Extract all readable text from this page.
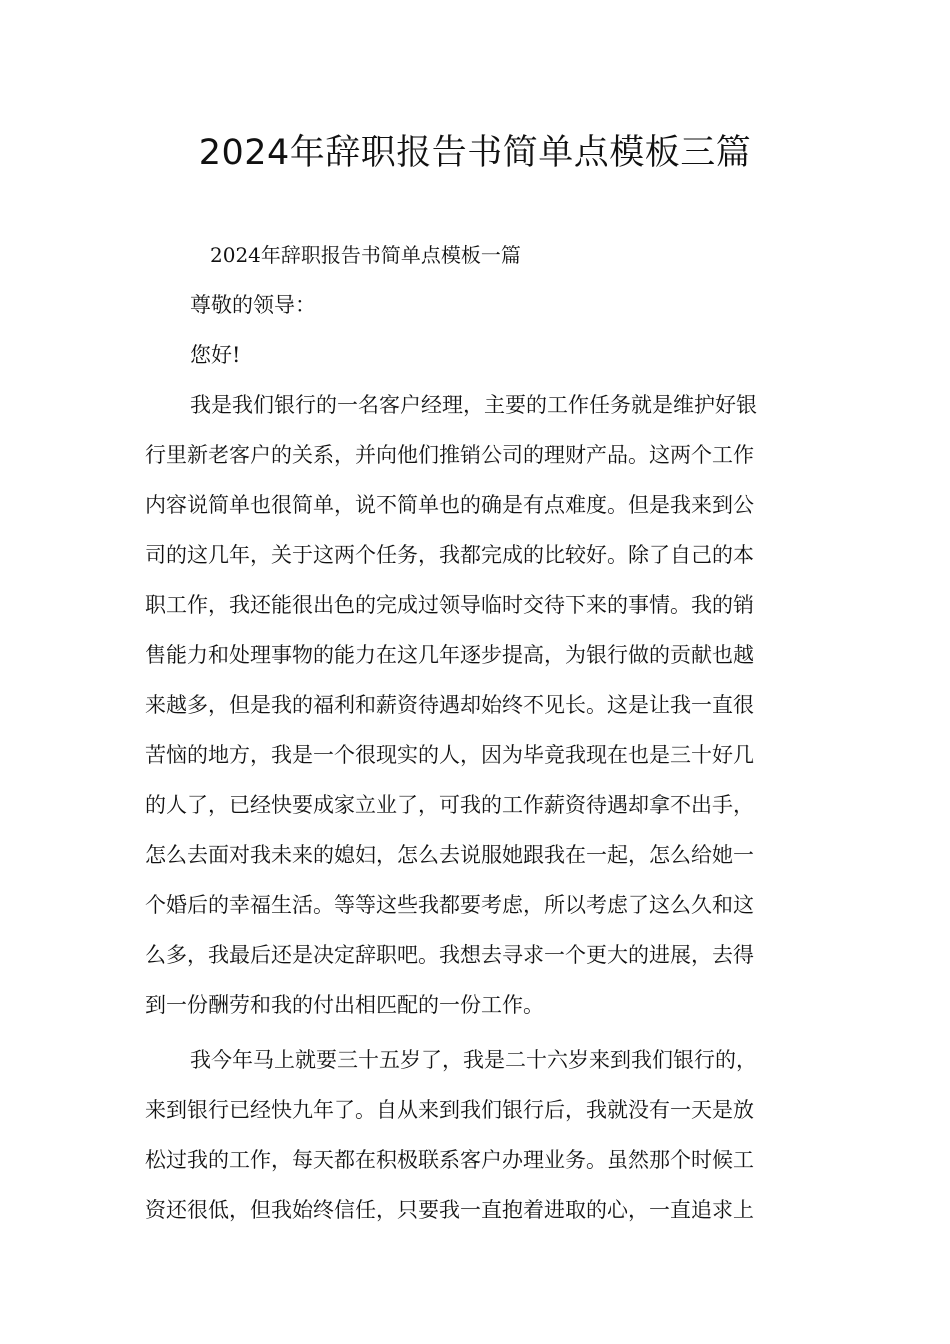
2024年辞职报告书简单点模板三篇

2024年辞职报告书简单点模板一篇

尊敬的领导：

您好!

我是我们银行的一名客户经理，主要的工作任务就是维护好银
行里新老客户的关系，并向他们推销公司的理财产品。这两个工作
内容说简单也很简单，说不简单也的确是有点难度。但是我来到公
司的这几年，关于这两个任务，我都完成的比较好。除了自己的本
职工作，我还能很出色的完成过领导临时交待下来的事情。我的销
售能力和处理事物的能力在这几年逐步提高，为银行做的贡献也越
来越多，但是我的福利和薪资待遇却始终不见长。这是让我一直很
苦恼的地方，我是一个很现实的人，因为毕竟我现在也是三十好几
的人了，已经快要成家立业了，可我的工作薪资待遇却拿不出手，
怎么去面对我未来的媳妇，怎么去说服她跟我在一起，怎么给她一
个婚后的幸福生活。等等这些我都要考虑，所以考虑了这么久和这
么多，我最后还是决定辞职吧。我想去寻求一个更大的进展，去得
到一份酬劳和我的付出相匹配的一份工作。
我今年马上就要三十五岁了，我是二十六岁来到我们银行的，
来到银行已经快九年了。自从来到我们银行后，我就没有一天是放
松过我的工作，每天都在积极联系客户办理业务。虽然那个时候工
资还很低，但我始终信任，只要我一直抱着进取的心，一直追求上
